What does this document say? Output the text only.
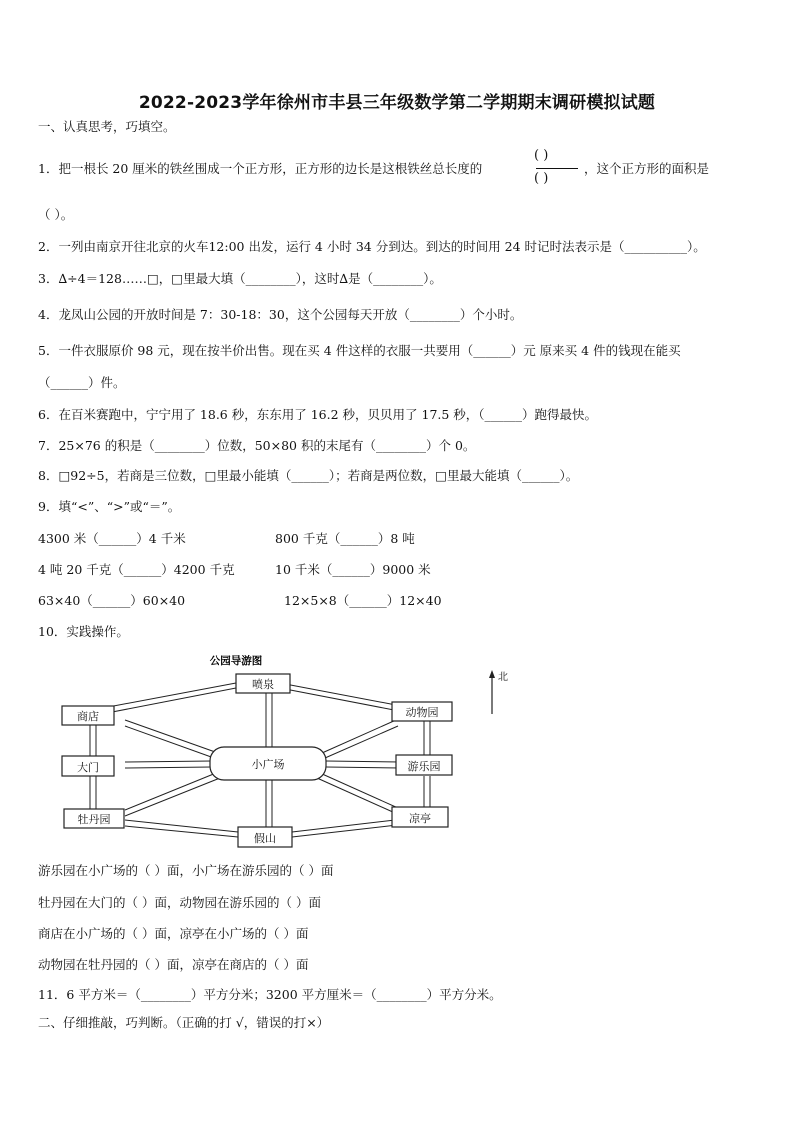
2022-2023学年徐州市丰县三年级数学第二学期期末调研模拟试题
一、认真思考，巧填空。
1．把一根长 20 厘米的铁丝围成一个正方形，正方形的边长是这根铁丝总长度的
( )
( )
，这个正方形的面积是
（ ）。
2．一列由南京开往北京的火车12:00 出发，运行 4 小时 34 分到达。到达的时间用 24 时记时法表示是（__________）。
3．∆÷4＝128……□，□里最大填（________），这时∆是（________）。
4．龙凤山公园的开放时间是 7：30-18：30，这个公园每天开放（________）个小时。
5．一件衣服原价 98 元，现在按半价出售。现在买 4 件这样的衣服一共要用（______）元 原来买 4 件的钱现在能买
（______）件。
6．在百米赛跑中，宁宁用了 18.6 秒，东东用了 16.2 秒，贝贝用了 17.5 秒，（______）跑得最快。
7．25×76 的积是（________）位数，50×80 积的末尾有（________）个 0。
8．□92÷5，若商是三位数，□里最小能填（______）；若商是两位数，□里最大能填（______）。
9．填“<”、“>”或“＝”。
4300 米（______）4 千米	800 千克（______）8 吨
4 吨 20 千克（______）4200 千克	10 千米（______）9000 米
63×40（______）60×40	12×5×8（______）12×40
10．实践操作。
公园导游图
喷泉
商店	动物园
大门	游乐园
牡丹园	凉亭
假山
小广场
北
游乐园在小广场的（ ）面，小广场在游乐园的（ ）面
牡丹园在大门的（ ）面，动物园在游乐园的（ ）面
商店在小广场的（ ）面，凉亭在小广场的（ ）面
动物园在牡丹园的（ ）面，凉亭在商店的（ ）面
11．6 平方米＝（________）平方分米；3200 平方厘米＝（________）平方分米。
二、仔细推敲，巧判断。（正确的打 √，错误的打×）
